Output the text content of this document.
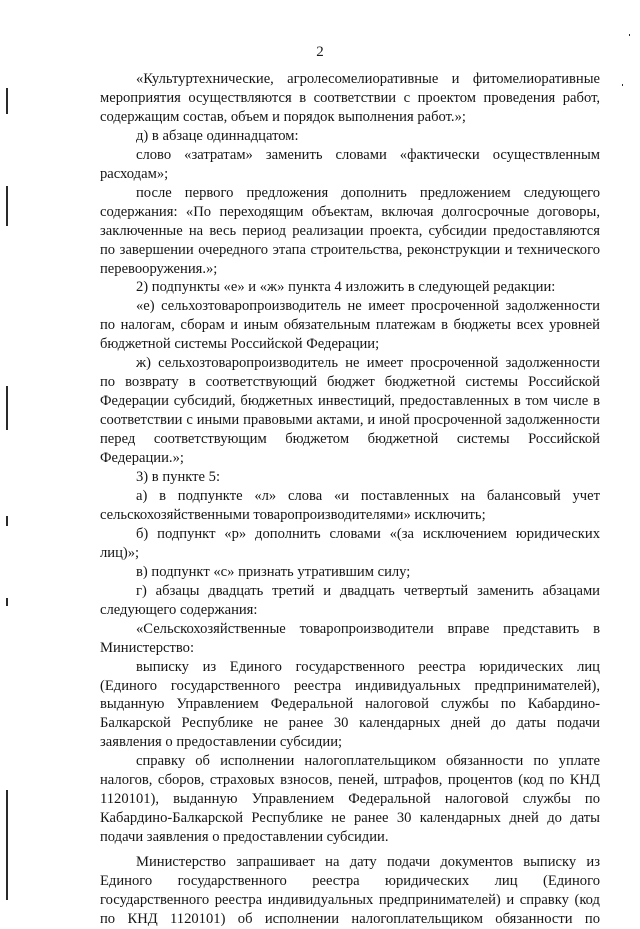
2

«Культуртехнические, агролесомелиоративные и фитомелиоративные мероприятия осуществляются в соответствии с проектом проведения работ, содержащим состав, объем и порядок выполнения работ.»;

д) в абзаце одиннадцатом:

слово «затратам» заменить словами «фактически осуществленным расходам»;

после первого предложения дополнить предложением следующего содержания: «По переходящим объектам, включая долгосрочные договоры, заключенные на весь период реализации проекта, субсидии предоставляются по завершении очередного этапа строительства, реконструкции и технического перевооружения.»;

2) подпункты «е» и «ж» пункта 4 изложить в следующей редакции:

«е) сельхозтоваропроизводитель не имеет просроченной задолженности по налогам, сборам и иным обязательным платежам в бюджеты всех уровней бюджетной системы Российской Федерации;

ж) сельхозтоваропроизводитель не имеет просроченной задолженности по возврату в соответствующий бюджет бюджетной системы Российской Федерации субсидий, бюджетных инвестиций, предоставленных в том числе в соответствии с иными правовыми актами, и иной просроченной задолженности перед соответствующим бюджетом бюджетной системы Российской Федерации.»;

3) в пункте 5:

а) в подпункте «л» слова «и поставленных на балансовый учет сельскохозяйственными товаропроизводителями» исключить;

б) подпункт «р» дополнить словами «(за исключением юридических лиц)»;

в) подпункт «с» признать утратившим силу;

г) абзацы двадцать третий и двадцать четвертый заменить абзацами следующего содержания:

«Сельскохозяйственные товаропроизводители вправе представить в Министерство:

выписку из Единого государственного реестра юридических лиц (Единого государственного реестра индивидуальных предпринимателей), выданную Управлением Федеральной налоговой службы по Кабардино-Балкарской Республике не ранее 30 календарных дней до даты подачи заявления о предоставлении субсидии;

справку об исполнении налогоплательщиком обязанности по уплате налогов, сборов, страховых взносов, пеней, штрафов, процентов (код по КНД 1120101), выданную Управлением Федеральной налоговой службы по Кабардино-Балкарской Республике не ранее 30 календарных дней до даты подачи заявления о предоставлении субсидии.

Министерство запрашивает на дату подачи документов выписку из Единого государственного реестра юридических лиц (Единого государственного реестра индивидуальных предпринимателей) и справку (код по КНД 1120101) об исполнении налогоплательщиком обязанности по
